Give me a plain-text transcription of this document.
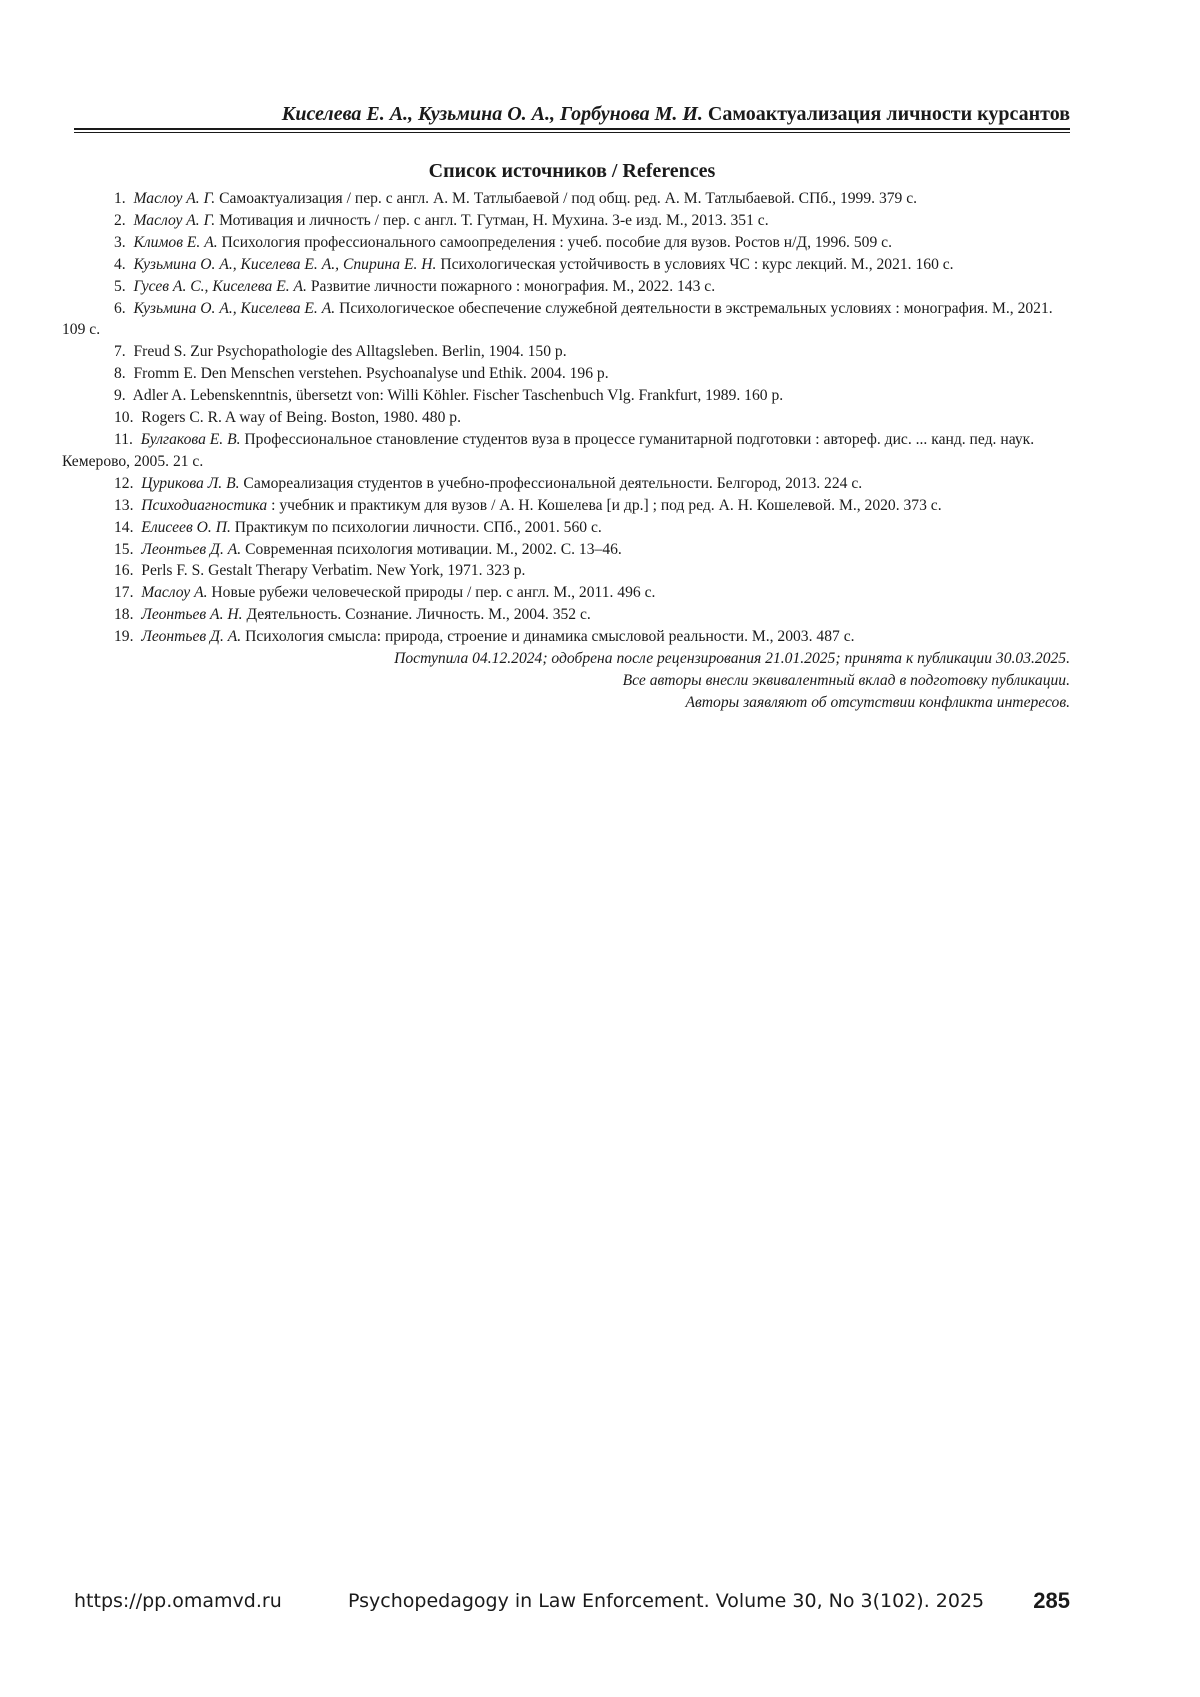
Киселева Е. А., Кузьмина О. А., Горбунова М. И. Самоактуализация личности курсантов
Список источников / References

1. Маслоу А. Г. Самоактуализация / пер. с англ. А. М. Татлыбаевой / под общ. ред. А. М. Татлыбаевой. СПб., 1999. 379 с.

2. Маслоу А. Г. Мотивация и личность / пер. с англ. Т. Гутман, Н. Мухина. 3-е изд. М., 2013. 351 с.

3. Климов Е. А. Психология профессионального самоопределения : учеб. пособие для вузов. Ростов н/Д, 1996. 509 с.

4. Кузьмина О. А., Киселева Е. А., Спирина Е. Н. Психологическая устойчивость в условиях ЧС : курс лекций. М., 2021. 160 с.

5. Гусев А. С., Киселева Е. А. Развитие личности пожарного : монография. М., 2022. 143 с.

6. Кузьмина О. А., Киселева Е. А. Психологическое обеспечение служебной деятельности в экстремальных условиях : монография. М., 2021. 109 с.

7. Freud S. Zur Psychopathologie des Alltagsleben. Berlin, 1904. 150 p.

8. Fromm E. Den Menschen verstehen. Psychoanalyse und Ethik. 2004. 196 p.

9. Adler A. Lebenskenntnis, übersetzt von: Willi Köhler. Fischer Taschenbuch Vlg. Frankfurt, 1989. 160 p.

10. Rogers C. R. A way of Being. Boston, 1980. 480 p.

11. Булгакова Е. В. Профессиональное становление студентов вуза в процессе гуманитарной подготовки : автореф. дис. ... канд. пед. наук. Кемерово, 2005. 21 с.

12. Цурикова Л. В. Самореализация студентов в учебно-профессиональной деятельности. Белгород, 2013. 224 с.

13. Психодиагностика : учебник и практикум для вузов / А. Н. Кошелева [и др.] ; под ред. А. Н. Кошелевой. М., 2020. 373 с.

14. Елисеев О. П. Практикум по психологии личности. СПб., 2001. 560 с.

15. Леонтьев Д. А. Современная психология мотивации. М., 2002. С. 13–46.

16. Perls F. S. Gestalt Therapy Verbatim. New York, 1971. 323 p.

17. Маслоу А. Новые рубежи человеческой природы / пер. с англ. М., 2011. 496 с.

18. Леонтьев А. Н. Деятельность. Сознание. Личность. М., 2004. 352 с.

19. Леонтьев Д. А. Психология смысла: природа, строение и динамика смысловой реальности. М., 2003. 487 с.

Поступила 04.12.2024; одобрена после рецензирования 21.01.2025; принята к публикации 30.03.2025.
Все авторы внесли эквивалентный вклад в подготовку публикации.
Авторы заявляют об отсутствии конфликта интересов.
https://pp.omamvd.ru	Psychopedagogy in Law Enforcement. Volume 30, No 3(102). 2025 285
